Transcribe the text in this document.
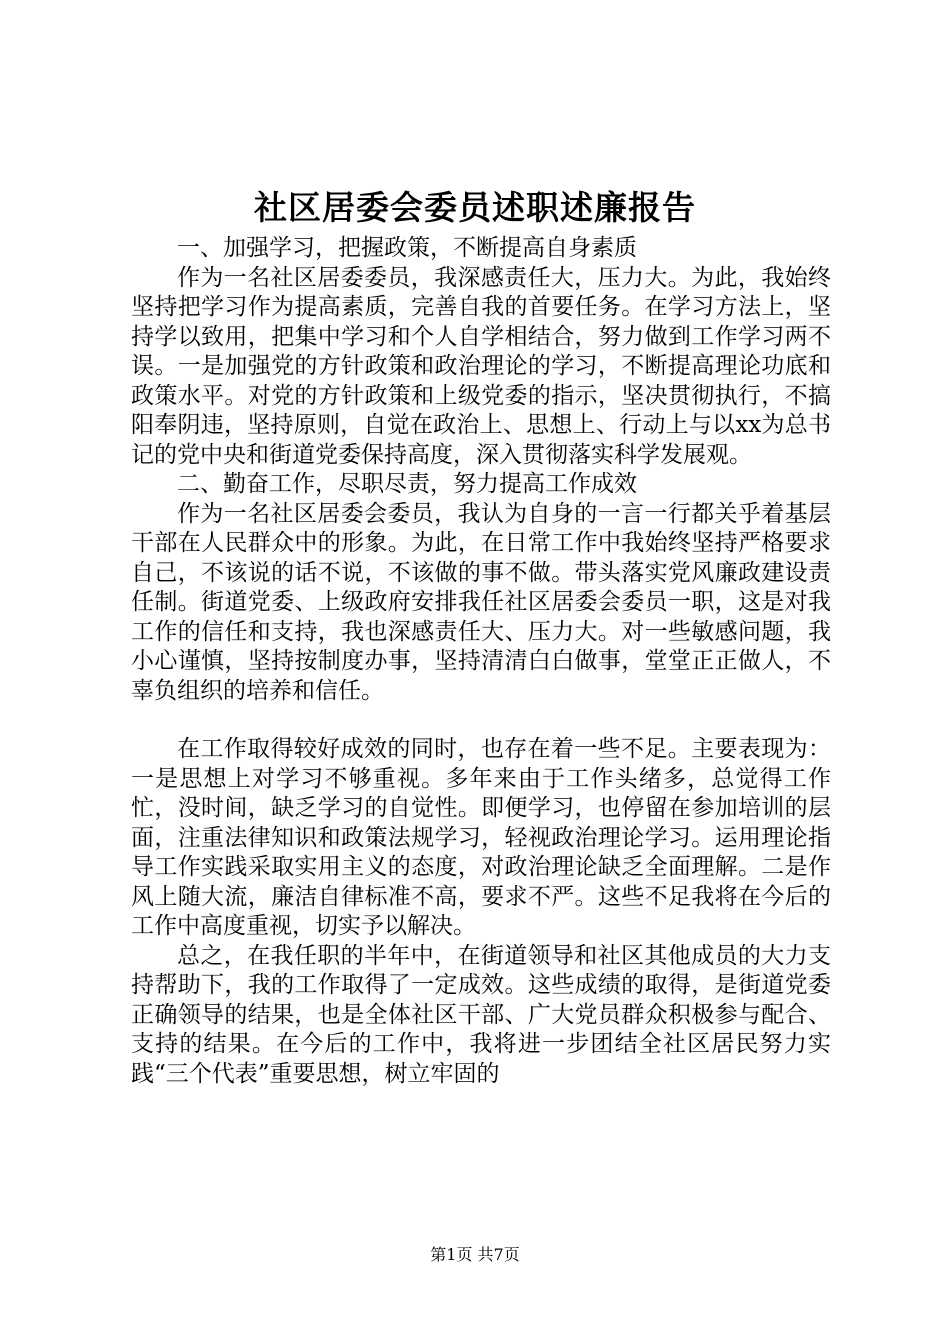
社区居委会委员述职述廉报告

一、加强学习，把握政策，不断提高自身素质

作为一名社区居委委员，我深感责任大，压力大。为此，我始终坚持把学习作为提高素质，完善自我的首要任务。在学习方法上，坚持学以致用，把集中学习和个人自学相结合，努力做到工作学习两不误。一是加强党的方针政策和政治理论的学习，不断提高理论功底和政策水平。对党的方针政策和上级党委的指示，坚决贯彻执行，不搞阳奉阴违，坚持原则，自觉在政治上、思想上、行动上与以xx为总书记的党中央和街道党委保持高度，深入贯彻落实科学发展观。

二、勤奋工作，尽职尽责，努力提高工作成效

作为一名社区居委会委员，我认为自身的一言一行都关乎着基层干部在人民群众中的形象。为此，在日常工作中我始终坚持严格要求自己，不该说的话不说，不该做的事不做。带头落实党风廉政建设责任制。街道党委、上级政府安排我任社区居委会委员一职，这是对我工作的信任和支持，我也深感责任大、压力大。对一些敏感问题，我小心谨慎，坚持按制度办事，坚持清清白白做事，堂堂正正做人，不辜负组织的培养和信任。

在工作取得较好成效的同时，也存在着一些不足。主要表现为：一是思想上对学习不够重视。多年来由于工作头绪多，总觉得工作忙，没时间，缺乏学习的自觉性。即便学习，也停留在参加培训的层面，注重法律知识和政策法规学习，轻视政治理论学习。运用理论指导工作实践采取实用主义的态度，对政治理论缺乏全面理解。二是作风上随大流，廉洁自律标准不高，要求不严。这些不足我将在今后的工作中高度重视，切实予以解决。

总之，在我任职的半年中，在街道领导和社区其他成员的大力支持帮助下，我的工作取得了一定成效。这些成绩的取得，是街道党委正确领导的结果，也是全体社区干部、广大党员群众积极参与配合、支持的结果。在今后的工作中，我将进一步团结全社区居民努力实践“三个代表”重要思想，树立牢固的

第1页 共7页
